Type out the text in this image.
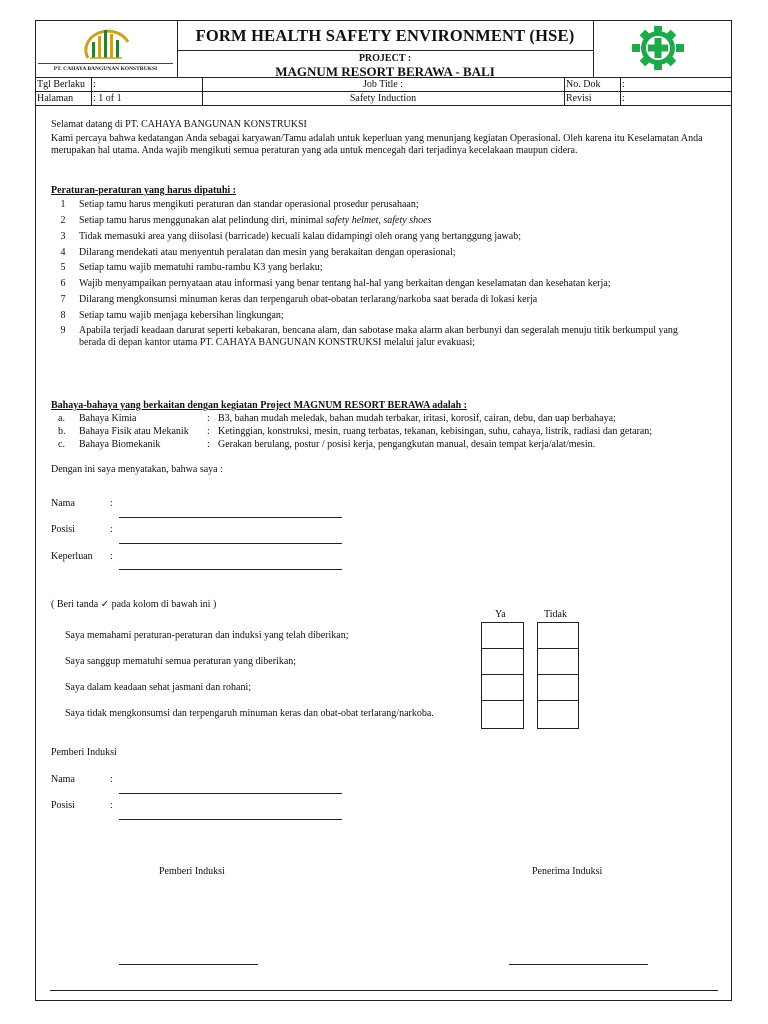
PT. CAHAYA BANGUNAN KONSTRUKSI
FORM HEALTH SAFETY ENVIRONMENT (HSE)
PROJECT :
MAGNUM RESORT BERAWA - BALI
Tgl Berlaku :	Job Title :	No. Dok :
Halaman : 1 of 1	Safety Induction	Revisi	:
Selamat datang di PT. CAHAYA BANGUNAN KONSTRUKSI
Kami percaya bahwa kedatangan Anda sebagai karyawan/Tamu adalah untuk keperluan yang menunjang kegiatan Operasional. Oleh karena itu Keselamatan Anda merupakan hal utama. Anda wajib mengikuti semua peraturan yang ada untuk mencegah dari terjadinya kecelakaan maupun cidera.
Peraturan-peraturan yang harus dipatuhi :
1	Setiap tamu harus mengikuti peraturan dan standar operasional prosedur perusahaan;
2	Setiap tamu harus menggunakan alat pelindung diri, minimal safety helmet, safety shoes
3	Tidak memasuki area yang diisolasi (barricade) kecuali kalau didampingi oleh orang yang bertanggung jawab;
4	Dilarang mendekati atau menyentuh peralatan dan mesin yang berakaitan dengan operasional;
5	Setiap tamu wajib mematuhi rambu-rambu K3 yang berlaku;
6	Wajib menyampaikan pernyataan atau informasi yang benar tentang hal-hal yang berkaitan dengan keselamatan dan kesehatan kerja;
7	Dilarang mengkonsumsi minuman keras dan terpengaruh obat-obatan terlarang/narkoba saat berada di lokasi kerja
8	Setiap tamu wajib menjaga kebersihan lingkungan;
9	Apabila terjadi keadaan darurat seperti kebakaran, bencana alam, dan sabotase maka alarm akan berbunyi dan segeralah menuju titik berkumpul yang berada di depan kantor utama PT. CAHAYA BANGUNAN KONSTRUKSI melalui jalur evakuasi;
Bahaya-bahaya yang berkaitan dengan kegiatan Project MAGNUM RESORT BERAWA adalah :
a. Bahaya Kimia	: B3, bahan mudah meledak, bahan mudah terbakar, iritasi, korosif, cairan, debu, dan uap berbahaya;
b. Bahaya Fisik atau Mekanik : Ketinggian, konstruksi, mesin, ruang terbatas, tekanan, kebisingan, suhu, cahaya, listrik, radiasi dan getaran;
c. Bahaya Biomekanik	: Gerakan berulang, postur / posisi kerja, pengangkutan manual, desain tempat kerja/alat/mesin.
Dengan ini saya menyatakan, bahwa saya :
Nama	:
Posisi	:
Keperluan :
( Beri tanda ✓ pada kolom di bawah ini )
Ya	Tidak
Saya memahami peraturan-peraturan dan induksi yang telah diberikan;
Saya sanggup mematuhi semua peraturan yang diberikan;
Saya dalam keadaan sehat jasmani dan rohani;
Saya tidak mengkonsumsi dan terpengaruh minuman keras dan obat-obat terlarang/narkoba.
Pemberi Induksi
Nama	:
Posisi	:
Pemberi Induksi	Penerima Induksi
